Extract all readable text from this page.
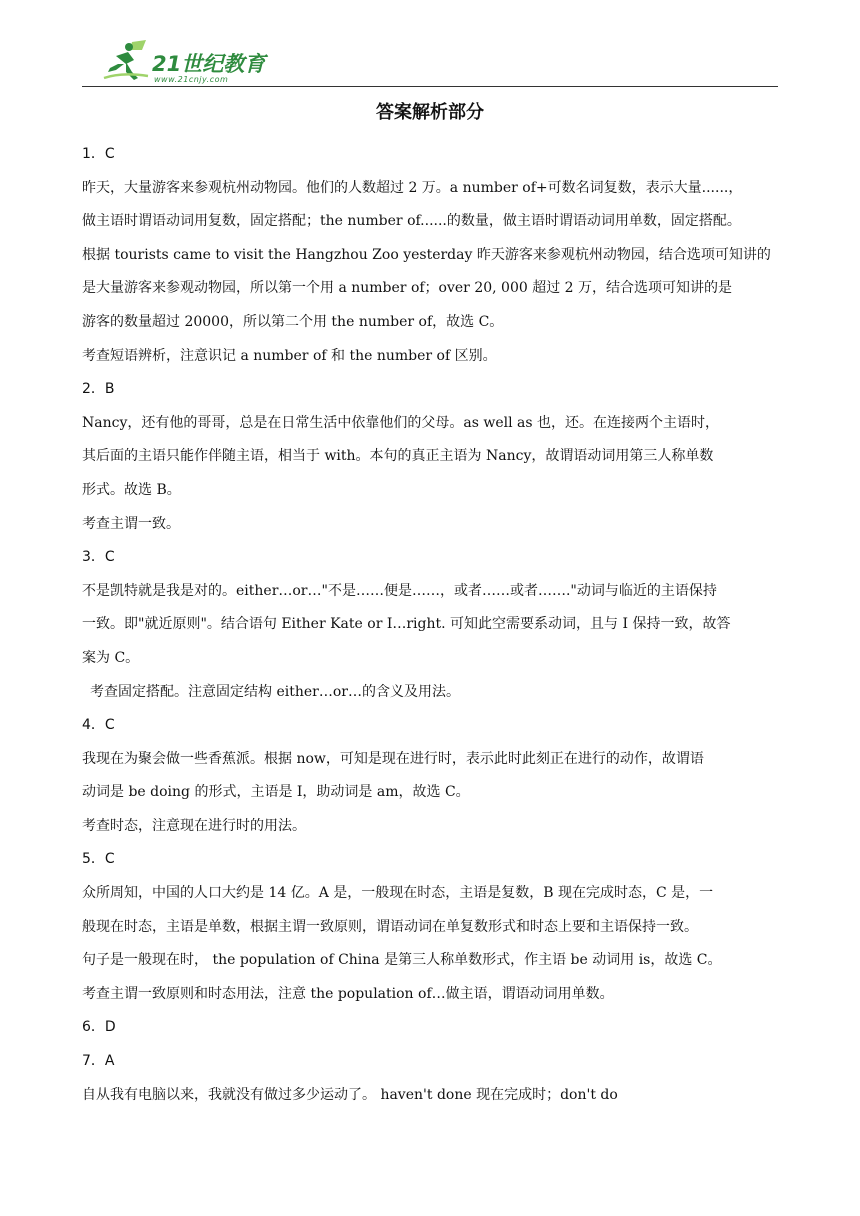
21世纪教育
www.21cnjy.com
答案解析部分
1．C
昨天，大量游客来参观杭州动物园。他们的人数超过 2 万。a number of+可数名词复数，表示大量......，
做主语时谓语动词用复数，固定搭配；the number of......的数量，做主语时谓语动词用单数，固定搭配。
根据 tourists came to visit the Hangzhou Zoo yesterday 昨天游客来参观杭州动物园，结合选项可知讲的
是大量游客来参观动物园，所以第一个用 a number of；over 20, 000 超过 2 万，结合选项可知讲的是
游客的数量超过 20000，所以第二个用 the number of，故选 C。
考查短语辨析，注意识记 a number of 和 the number of 区别。
2．B
Nancy，还有他的哥哥，总是在日常生活中依靠他们的父母。as well as 也，还。在连接两个主语时，
其后面的主语只能作伴随主语，相当于 with。本句的真正主语为 Nancy，故谓语动词用第三人称单数
形式。故选 B。
考查主谓一致。
3．C
不是凯特就是我是对的。either…or…"不是……便是……，或者……或者……."动词与临近的主语保持
一致。即"就近原则"。结合语句 Either Kate or I…right. 可知此空需要系动词，且与 I 保持一致，故答
案为 C。
考查固定搭配。注意固定结构 either…or…的含义及用法。
4．C
我现在为聚会做一些香蕉派。根据 now，可知是现在进行时，表示此时此刻正在进行的动作，故谓语
动词是 be doing 的形式，主语是 I，助动词是 am，故选 C。
考查时态，注意现在进行时的用法。
5．C
众所周知，中国的人口大约是 14 亿。A 是，一般现在时态，主语是复数，B 现在完成时态，C 是，一
般现在时态，主语是单数，根据主谓一致原则，谓语动词在单复数形式和时态上要和主语保持一致。
句子是一般现在时， the population of China 是第三人称单数形式，作主语 be 动词用 is，故选 C。
考查主谓一致原则和时态用法，注意 the population of…做主语，谓语动词用单数。
6．D
7．A
自从我有电脑以来，我就没有做过多少运动了。 haven't done 现在完成时；don't do
